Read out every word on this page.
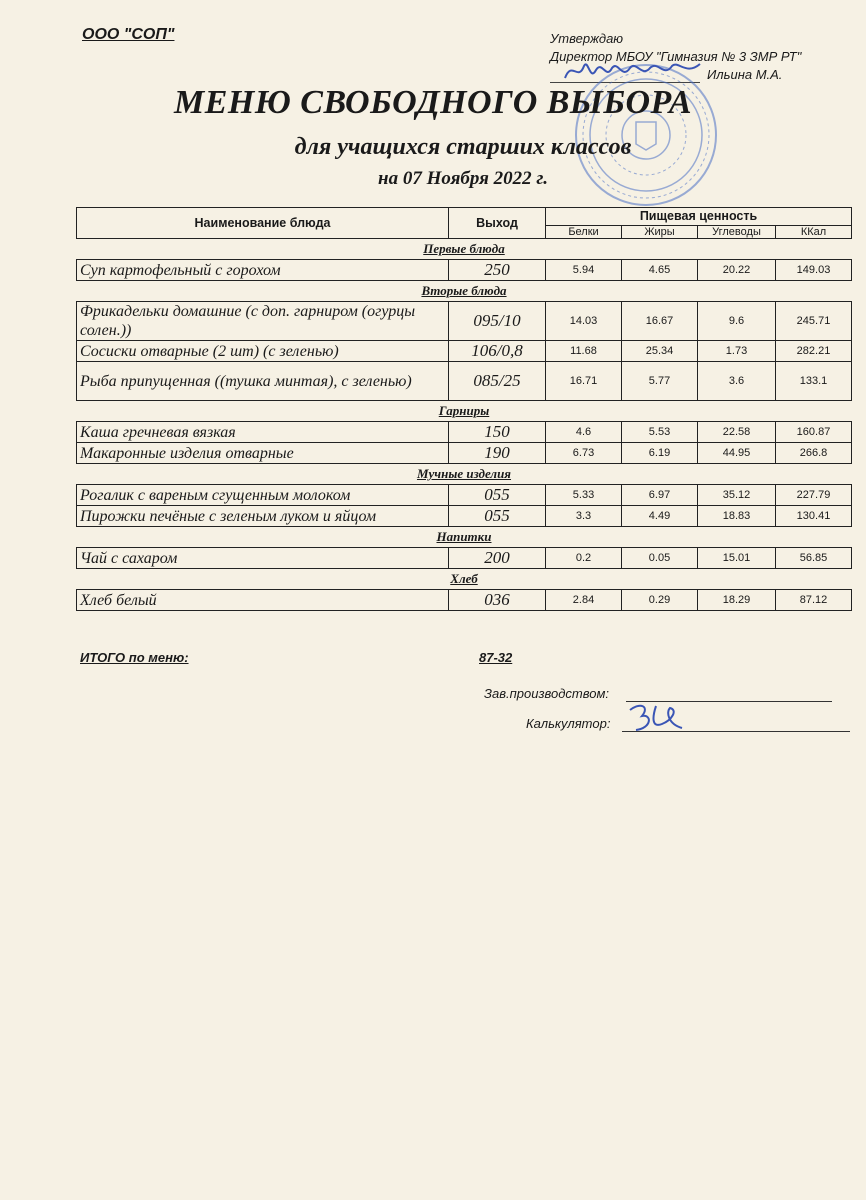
ООО "СОП"	Утверждаю
Директор МБОУ "Гимназия № 3 ЗМР РТ"
Ильина М.А.
МЕНЮ СВОБОДНОГО ВЫБОРА
для учащихся старших классов
на 07 Ноября 2022 г.
Наименование блюда	Выход	Пищевая ценность			
		Белки	Жиры	Углеводы	ККал
Первые блюда					
Суп картофельный с горохом	250	5.94	4.65	20.22	149.03
Вторые блюда					
Фрикадельки домашние (с доп. гарниром (огурцы солен.))	095/10	14.03	16.67	9.6	245.71
Сосиски отварные (2 шт) (с зеленью)	106/0,8	11.68	25.34	1.73	282.21
Рыба припущенная ((тушка минтая), с зеленью)	085/25	16.71	5.77	3.6	133.1
Гарниры					
Каша гречневая вязкая	150	4.6	5.53	22.58	160.87
Макаронные изделия отварные	190	6.73	6.19	44.95	266.8
Мучные изделия					
Рогалик с вареным сгущенным молоком	055	5.33	6.97	35.12	227.79
Пирожки печёные с зеленым луком и яйцом	055	3.3	4.49	18.83	130.41
Напитки					
Чай с сахаром	200	0.2	0.05	15.01	56.85
Хлеб					
Хлеб белый	036	2.84	0.29	18.29	87.12
ИТОГО по меню:	87-32
Зав.производством:
Калькулятор:
